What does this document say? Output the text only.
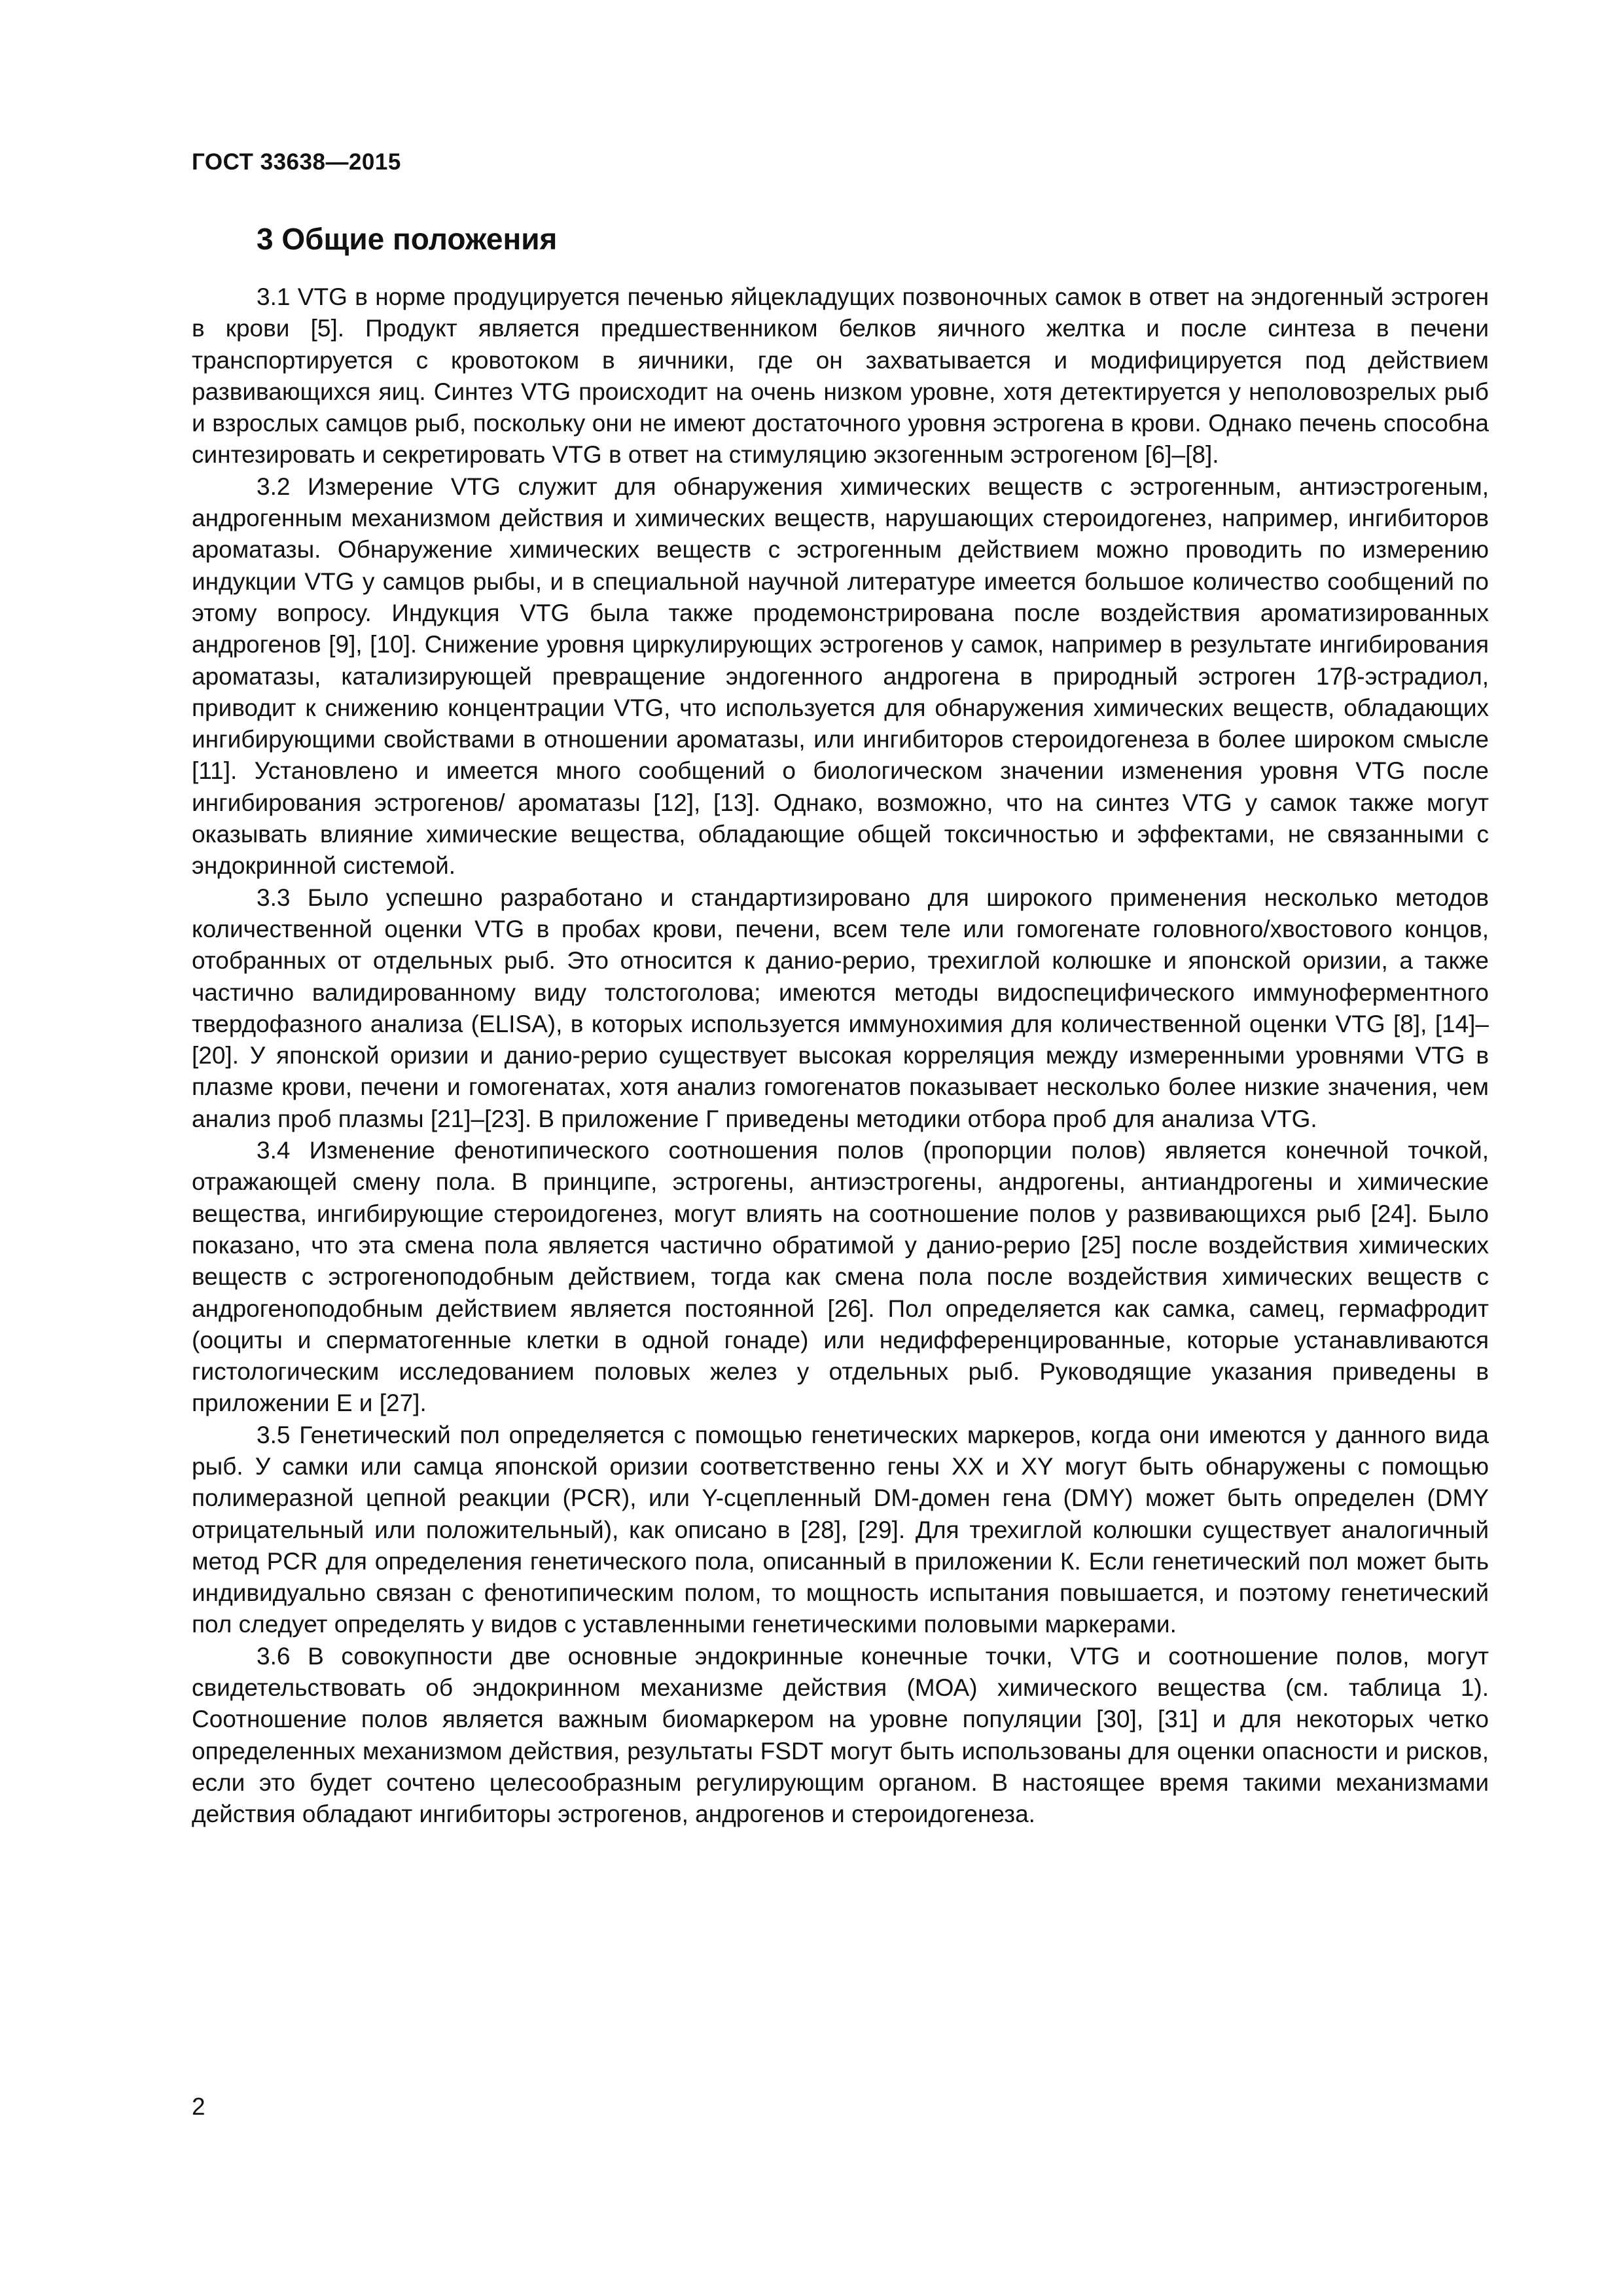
ГОСТ 33638—2015

3 Общие положения

3.1 VTG в норме продуцируется печенью яйцекладущих позвоночных самок в ответ на эндогенный эстроген в крови [5]. Продукт является предшественником белков яичного желтка и после синтеза в печени транспортируется с кровотоком в яичники, где он захватывается и модифицируется под действием развивающихся яиц. Синтез VTG происходит на очень низком уровне, хотя детектируется у неполовозрелых рыб и взрослых самцов рыб, поскольку они не имеют достаточного уровня эстрогена в крови. Однако печень способна синтезировать и секретировать VTG в ответ на стимуляцию экзогенным эстрогеном [6]–[8].

3.2 Измерение VTG служит для обнаружения химических веществ с эстрогенным, антиэстрогеным, андрогенным механизмом действия и химических веществ, нарушающих стероидогенез, например, ингибиторов ароматазы. Обнаружение химических веществ с эстрогенным действием можно проводить по измерению индукции VTG у самцов рыбы, и в специальной научной литературе имеется большое количество сообщений по этому вопросу. Индукция VTG была также продемонстрирована после воздействия ароматизированных андрогенов [9], [10]. Снижение уровня циркулирующих эстрогенов у самок, например в результате ингибирования ароматазы, катализирующей превращение эндогенного андрогена в природный эстроген 17β-эстрадиол, приводит к снижению концентрации VTG, что используется для обнаружения химических веществ, обладающих ингибирующими свойствами в отношении ароматазы, или ингибиторов стероидогенеза в более широком смысле [11]. Установлено и имеется много сообщений о биологическом значении изменения уровня VTG после ингибирования эстрогенов/ ароматазы [12], [13]. Однако, возможно, что на синтез VTG у самок также могут оказывать влияние химические вещества, обладающие общей токсичностью и эффектами, не связанными с эндокринной системой.

3.3 Было успешно разработано и стандартизировано для широкого применения несколько методов количественной оценки VTG в пробах крови, печени, всем теле или гомогенате головного/хвостового концов, отобранных от отдельных рыб. Это относится к данио-рерио, трехиглой колюшке и японской оризии, а также частично валидированному виду толстоголова; имеются методы видоспецифического иммуноферментного твердофазного анализа (ELISA), в которых используется иммунохимия для количественной оценки VTG [8], [14]–[20]. У японской оризии и данио-рерио существует высокая корреляция между измеренными уровнями VTG в плазме крови, печени и гомогенатах, хотя анализ гомогенатов показывает несколько более низкие значения, чем анализ проб плазмы [21]–[23]. В приложение Г приведены методики отбора проб для анализа VTG.

3.4 Изменение фенотипического соотношения полов (пропорции полов) является конечной точкой, отражающей смену пола. В принципе, эстрогены, антиэстрогены, андрогены, антиандрогены и химические вещества, ингибирующие стероидогенез, могут влиять на соотношение полов у развивающихся рыб [24]. Было показано, что эта смена пола является частично обратимой у данио-рерио [25] после воздействия химических веществ с эстрогеноподобным действием, тогда как смена пола после воздействия химических веществ с андрогеноподобным действием является постоянной [26]. Пол определяется как самка, самец, гермафродит (ооциты и сперматогенные клетки в одной гонаде) или недифференцированные, которые устанавливаются гистологическим исследованием половых желез у отдельных рыб. Руководящие указания приведены в приложении Е и [27].

3.5 Генетический пол определяется с помощью генетических маркеров, когда они имеются у данного вида рыб. У самки или самца японской оризии соответственно гены ХХ и XY могут быть обнаружены с помощью полимеразной цепной реакции (PCR), или Y-сцепленный DM-домен гена (DMY) может быть определен (DMY отрицательный или положительный), как описано в [28], [29]. Для трехиглой колюшки существует аналогичный метод PCR для определения генетического пола, описанный в приложении К. Если генетический пол может быть индивидуально связан с фенотипическим полом, то мощность испытания повышается, и поэтому генетический пол следует определять у видов с уставленными генетическими половыми маркерами.

3.6 В совокупности две основные эндокринные конечные точки, VTG и соотношение полов, могут свидетельствовать об эндокринном механизме действия (МОА) химического вещества (см. таблица 1). Соотношение полов является важным биомаркером на уровне популяции [30], [31] и для некоторых четко определенных механизмом действия, результаты FSDT могут быть использованы для оценки опасности и рисков, если это будет сочтено целесообразным регулирующим органом. В настоящее время такими механизмами действия обладают ингибиторы эстрогенов, андрогенов и стероидогенеза.

2
